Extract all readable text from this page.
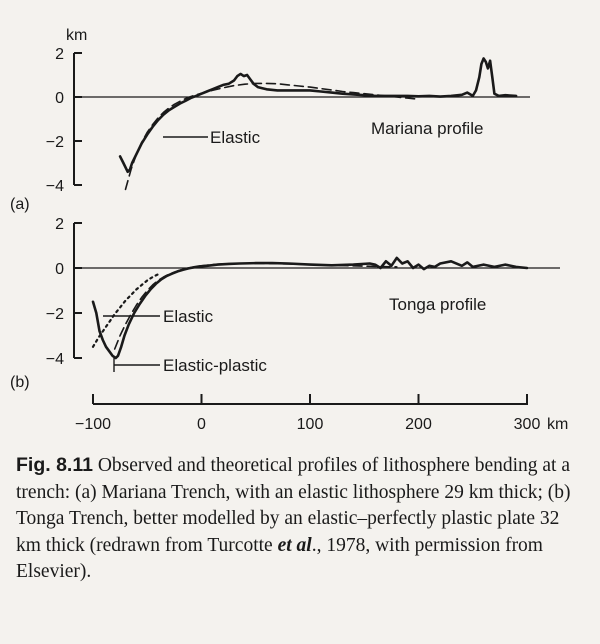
km
2
0
−2
−4
Elastic	Mariana profile
(a)
2
0
−2
−4
Elastic
Elastic-plastic
Tonga profile
(b)
−100	0	100	200	300 km
Fig. 8.11 Observed and theoretical profiles of lithosphere bending at a trench: (a) Mariana Trench, with an elastic lithosphere 29 km thick; (b) Tonga Trench, better modelled by an elastic–perfectly plastic plate 32 km thick (redrawn from Turcotte et al., 1978, with permission from Elsevier).
